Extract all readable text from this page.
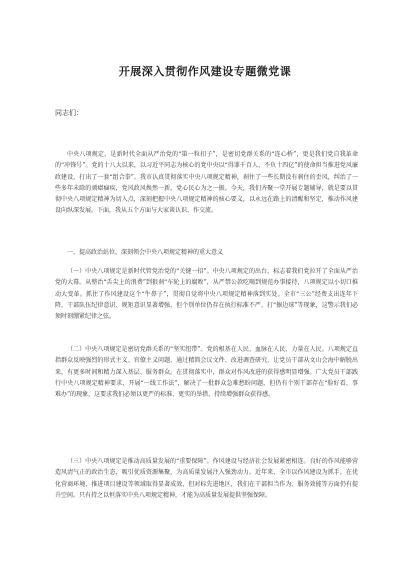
开展深入贯彻作风建设专题微党课
同志们：

中央八项规定，是新时代全面从严治党的“第一粒扣子”，是密切党群关系的“连心桥”，更是我们党自我革命的“冲锋号”。党的十八大以来，以习近平同志为核心的党中央以“得罪千百人、不负十四亿”的使命担当推进党风廉政建设，打出了一套“组合拳”。我市认真贯彻落实中央八项规定精神，刹住了一些长期没有刹住的歪风，纠治了一些多年未除的顽瘴痼疾，党风政风焕然一新，党心民心为之一振。今天，我们齐聚一堂开展专题辅导，就是要以贯彻中央八项规定精神为切入点，深刻把握中央八项规定精神的核心要义，以永远在路上的清醒和坚定，推动作风建设向纵深发展。下面，我从五个方面与大家谈认识、作交流。

一、提高政治站位，深刻领会中央八项规定精神的重大意义

（一）中央八项规定是新时代管党治党的“关键一招”。中央八项规定的出台，标志着我们党拉开了全面从严治党的大幕。从整治“舌尖上的浪费”到狠刹“车轮上的腐败”，从严禁公款吃喝到规范办事接待，八项规定以小切口推动大变革。抓住了作风建设这个“牛鼻子”，贯彻自觉将中央八项规定精神落到实处。全市“三公”经费支出连年下降，干部队伍纪律意识、规矩意识显著增强，但个别单位仍存在执行标准不严、打“擦边球”等现象，这警示我们必须时刻绷紧纪律之弦。

（二）中央八项规定是密切党群关系的“坚实纽带”。党的根基在人民、血脉在人民、力量在人民。八项规定直指群众反映强烈的形式主义、官僚主义问题，通过精简会议文件、改进调查研究，让党员干部从文山会海中解脱出来，有更多时间和精力深入基层、服务群众。在贯彻落实中，群众对作风改进的获得感明显增强。广大党员干部践行中央八项规定精神要求，开展“一线工作法”，解决了一批群众急难愁盼问题，但仍有个别干部存在“脸好看、事难办”的现象，这要求我们必须以更严的标准、更实的举措，持续增强群众获得感。

（三）中央八项规定是推动高质量发展的“重要保障”。作风建设与经济社会发展紧密相连。良好的作风能够营造风清气正的政治生态，吸引优质资源集聚，为高质量发展注入强劲动力。近年来，全市以作风建设为抓手，在优化营商环境、推进项目建设等领域取得显著成效，但对标先进地区，我们在干部担当作为、服务效能等方面仍有提升空间。只有持之以恒落实中央八项规定精神，才能为高质量发展提供坚强保障。
